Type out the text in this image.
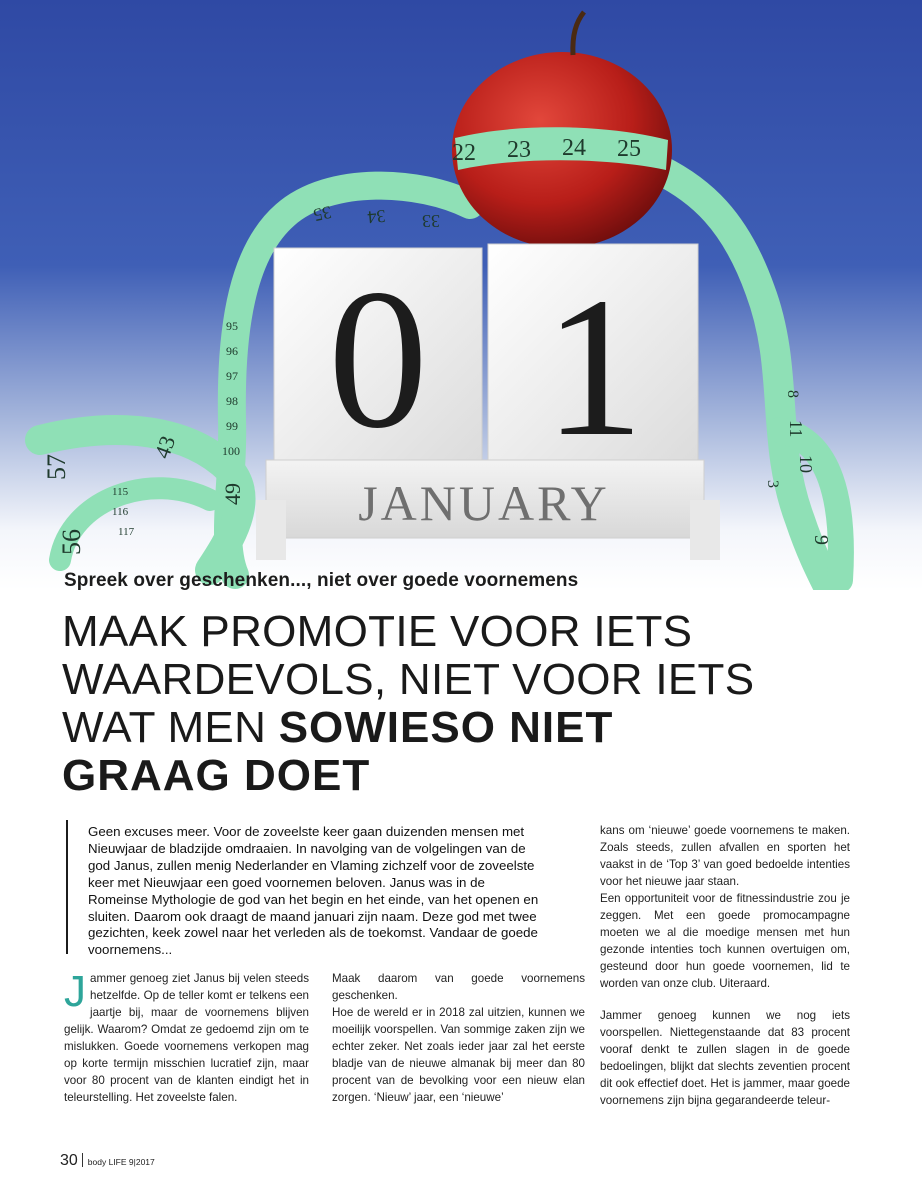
22 23 24 25
35 34 33
95
96
97
98
99
100
57
56
43
49
115
116
117
11
10
9
8
3
0 1
JANUARY
Spreek over geschenken..., niet over goede voornemens
MAAK PROMOTIE VOOR IETS
WAARDEVOLS, NIET VOOR IETS
WAT MEN SOWIESO NIET
GRAAG DOET

Geen excuses meer. Voor de zoveelste keer gaan duizenden mensen met Nieuwjaar de bladzijde omdraaien. In navolging van de volgelingen van de god Janus, zullen menig Nederlander en Vlaming zichzelf voor de zoveelste keer met Nieuwjaar een goed voornemen beloven. Janus was in de Romeinse Mythologie de god van het begin en het einde, van het openen en sluiten. Daarom ook draagt de maand januari zijn naam. Deze god met twee gezichten, keek zowel naar het verleden als de toekomst. Vandaar de goede voornemens...

J ammer genoeg ziet Janus bij velen steeds hetzelfde. Op de teller komt er telkens een jaartje bij, maar de voornemens blijven gelijk. Waarom? Omdat ze gedoemd zijn om te mislukken. Goede voornemens verkopen mag op korte termijn misschien lucratief zijn, maar voor 80 procent van de klanten eindigt het in teleurstelling. Het zoveelste falen.

Maak daarom van goede voornemens geschenken.

Hoe de wereld er in 2018 zal uitzien, kunnen we moeilijk voorspellen. Van sommige zaken zijn we echter zeker. Net zoals ieder jaar zal het eerste bladje van de nieuwe almanak bij meer dan 80 procent van de bevolking voor een nieuw elan zorgen. ‘Nieuw’ jaar, een ‘nieuwe’

kans om ‘nieuwe’ goede voornemens te maken. Zoals steeds, zullen afvallen en sporten het vaakst in de ‘Top 3’ van goed bedoelde intenties voor het nieuwe jaar staan.

Een opportuniteit voor de fitnessindustrie zou je zeggen. Met een goede promocampagne moeten we al die moedige mensen met hun gezonde intenties toch kunnen overtuigen om, gesteund door hun goede voornemen, lid te worden van onze club. Uiteraard.

Jammer genoeg kunnen we nog iets voorspellen. Niettegenstaande dat 83 procent vooraf denkt te zullen slagen in de goede bedoelingen, blijkt dat slechts zeventien procent dit ook effectief doet. Het is jammer, maar goede voornemens zijn bijna gegarandeerde teleur-

30 body LIFE 9|2017
